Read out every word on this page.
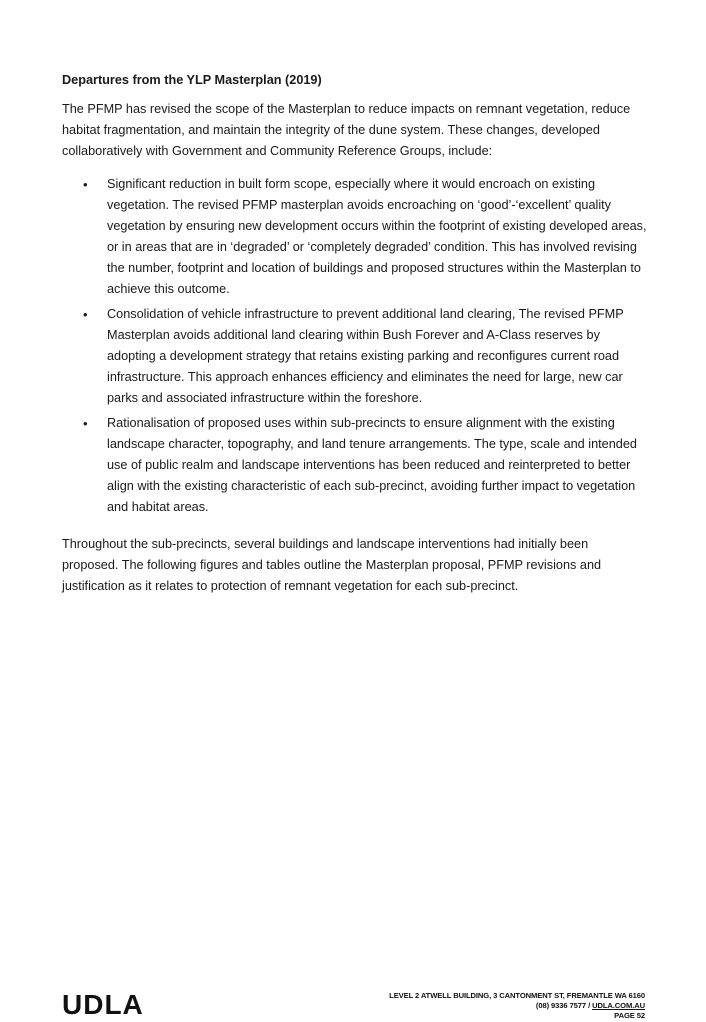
Departures from the YLP Masterplan (2019)

The PFMP has revised the scope of the Masterplan to reduce impacts on remnant vegetation, reduce habitat fragmentation, and maintain the integrity of the dune system. These changes, developed collaboratively with Government and Community Reference Groups, include:

• Significant reduction in built form scope, especially where it would encroach on existing vegetation. The revised PFMP masterplan avoids encroaching on ‘good’-‘excellent’ quality vegetation by ensuring new development occurs within the footprint of existing developed areas, or in areas that are in ‘degraded’ or ‘completely degraded’ condition. This has involved revising the number, footprint and location of buildings and proposed structures within the Masterplan to achieve this outcome.
• Consolidation of vehicle infrastructure to prevent additional land clearing, The revised PFMP Masterplan avoids additional land clearing within Bush Forever and A-Class reserves by adopting a development strategy that retains existing parking and reconfigures current road infrastructure. This approach enhances efficiency and eliminates the need for large, new car parks and associated infrastructure within the foreshore.
• Rationalisation of proposed uses within sub-precincts to ensure alignment with the existing landscape character, topography, and land tenure arrangements. The type, scale and intended use of public realm and landscape interventions has been reduced and reinterpreted to better align with the existing characteristic of each sub-precinct, avoiding further impact to vegetation and habitat areas.

Throughout the sub-precincts, several buildings and landscape interventions had initially been proposed. The following figures and tables outline the Masterplan proposal, PFMP revisions and justification as it relates to protection of remnant vegetation for each sub-precinct.

UDLA	LEVEL 2 ATWELL BUILDING, 3 CANTONMENT ST, FREMANTLE WA 6160
(08) 9336 7577 / UDLA.COM.AU
PAGE 52
